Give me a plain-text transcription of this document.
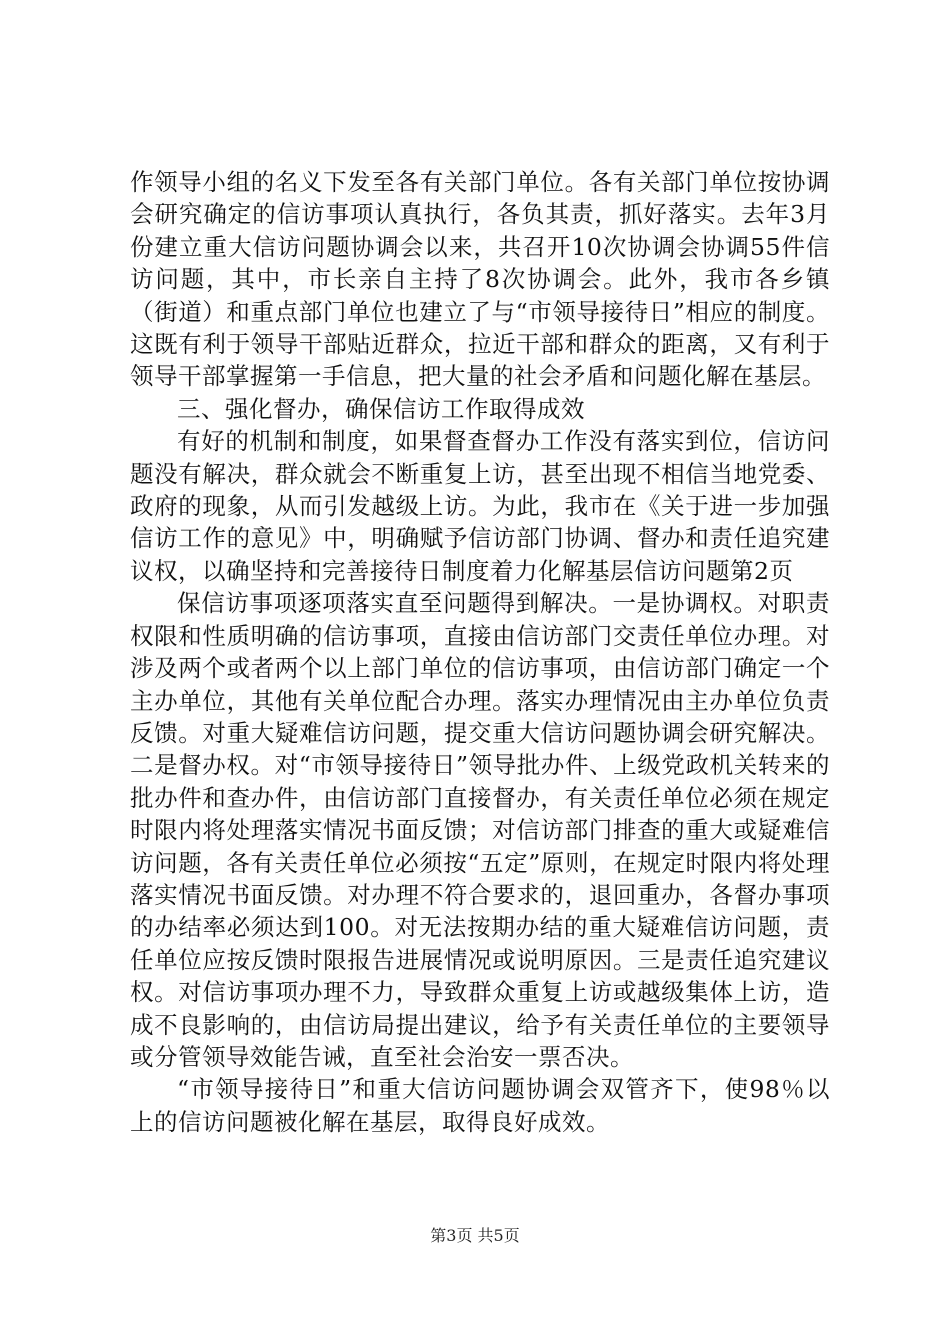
作领导小组的名义下发至各有关部门单位。各有关部门单位按协调会研究确定的信访事项认真执行，各负其责，抓好落实。去年3月份建立重大信访问题协调会以来，共召开10次协调会协调55件信访问题，其中，市长亲自主持了8次协调会。此外，我市各乡镇（街道）和重点部门单位也建立了与“市领导接待日”相应的制度。这既有利于领导干部贴近群众，拉近干部和群众的距离，又有利于领导干部掌握第一手信息，把大量的社会矛盾和问题化解在基层。

三、强化督办，确保信访工作取得成效

有好的机制和制度，如果督查督办工作没有落实到位，信访问题没有解决，群众就会不断重复上访，甚至出现不相信当地党委、政府的现象，从而引发越级上访。为此，我市在《关于进一步加强信访工作的意见》中，明确赋予信访部门协调、督办和责任追究建议权，以确坚持和完善接待日制度着力化解基层信访问题第2页

保信访事项逐项落实直至问题得到解决。一是协调权。对职责权限和性质明确的信访事项，直接由信访部门交责任单位办理。对涉及两个或者两个以上部门单位的信访事项，由信访部门确定一个主办单位，其他有关单位配合办理。落实办理情况由主办单位负责反馈。对重大疑难信访问题，提交重大信访问题协调会研究解决。二是督办权。对“市领导接待日”领导批办件、上级党政机关转来的批办件和查办件，由信访部门直接督办，有关责任单位必须在规定时限内将处理落实情况书面反馈；对信访部门排查的重大或疑难信访问题，各有关责任单位必须按“五定”原则，在规定时限内将处理落实情况书面反馈。对办理不符合要求的，退回重办，各督办事项的办结率必须达到100。对无法按期办结的重大疑难信访问题，责任单位应按反馈时限报告进展情况或说明原因。三是责任追究建议权。对信访事项办理不力，导致群众重复上访或越级集体上访，造成不良影响的，由信访局提出建议，给予有关责任单位的主要领导或分管领导效能告诫，直至社会治安一票否决。

“市领导接待日”和重大信访问题协调会双管齐下，使98％以上的信访问题被化解在基层，取得良好成效。

第3页 共5页
